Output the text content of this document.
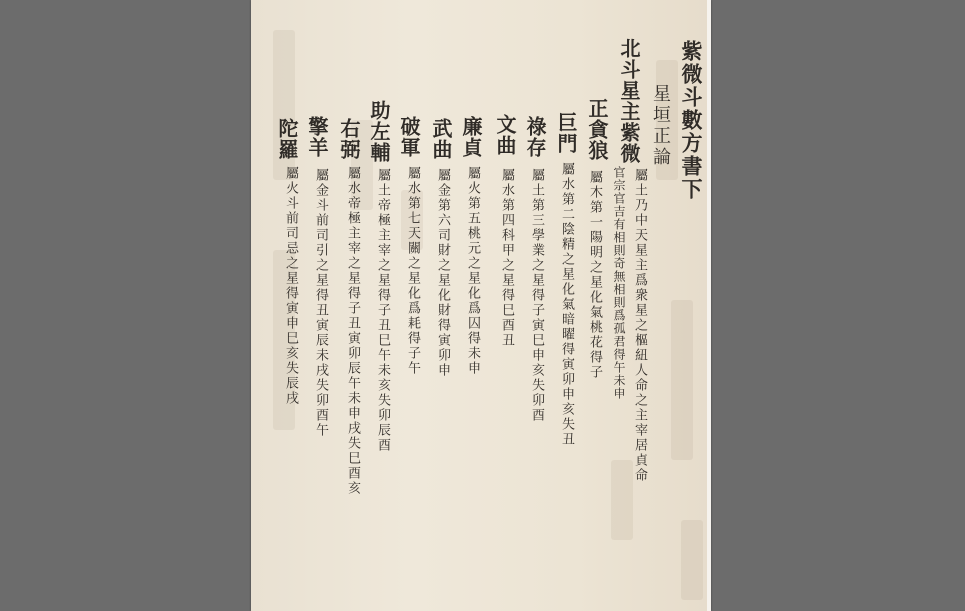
紫微斗數方書下
星垣正論
北斗星主紫微
屬土乃中天星主爲衆星之樞紐人命之主宰居貞命
官宗官吉有相則奇無相則爲孤君得午未申
正貪狼
屬木第一陽明之星化氣桃花得子
巨門
屬水第二陰精之星化氣暗曜得寅卯申亥失丑
祿存
屬土第三學業之星得子寅巳申亥失卯酉
文曲
屬水第四科甲之星得巳酉丑
廉貞
屬火第五桃元之星化爲囚得未申
武曲
屬金第六司財之星化財得寅卯申
破軍
屬水第七天關之星化爲耗得子午
助左輔
屬土帝極主宰之星得子丑巳午未亥失卯辰酉
右弼
屬水帝極主宰之星得子丑寅卯辰午未申戌失巳酉亥
擎羊
屬金斗前司引之星得丑寅辰未戌失卯酉午
陀羅
屬火斗前司忌之星得寅申巳亥失辰戌
